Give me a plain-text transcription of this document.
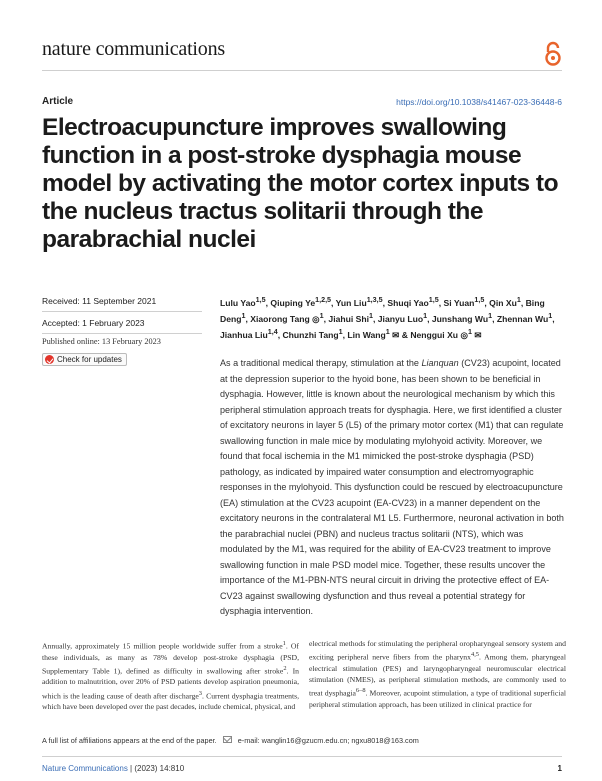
nature communications
Article	https://doi.org/10.1038/s41467-023-36448-6
Electroacupuncture improves swallowing function in a post-stroke dysphagia mouse model by activating the motor cortex inputs to the nucleus tractus solitarii through the parabrachial nuclei
Received: 11 September 2021
Accepted: 1 February 2023
Published online: 13 February 2023
Check for updates
Lulu Yao$^{1,5}$, Qiuping Ye$^{1,2,5}$, Yun Liu$^{1,3,5}$, Shuqi Yao$^{1,5}$, Si Yuan$^{1,5}$, Qin Xu$^1$, Bing Deng$^1$, Xiaorong Tang ◎$^1$, Jiahui Shi$^1$, Jianyu Luo$^1$, Junshang Wu$^1$, Zhennan Wu$^1$, Jianhua Liu$^{1,4}$, Chunzhi Tang$^1$, Lin Wang$^1$ ✉ & Nenggui Xu ◎$^1$ ✉
As a traditional medical therapy, stimulation at the Lianquan (CV23) acupoint, located at the depression superior to the hyoid bone, has been shown to be beneficial in dysphagia. However, little is known about the neurological mechanism by which this peripheral stimulation approach treats for dysphagia. Here, we first identified a cluster of excitatory neurons in layer 5 (L5) of the primary motor cortex (M1) that can regulate swallowing function in male mice by modulating mylohyoid activity. Moreover, we found that focal ischemia in the M1 mimicked the post-stroke dysphagia (PSD) pathology, as indicated by impaired water consumption and electromyographic responses in the mylohyoid. This dysfunction could be rescued by electroacupuncture (EA) stimulation at the CV23 acupoint (EA-CV23) in a manner dependent on the excitatory neurons in the contralateral M1 L5. Furthermore, neuronal activation in both the parabrachial nuclei (PBN) and nucleus tractus solitarii (NTS), which was modulated by the M1, was required for the ability of EA-CV23 treatment to improve swallowing function in male PSD model mice. Together, these results uncover the importance of the M1-PBN-NTS neural circuit in driving the protective effect of EA-CV23 against swallowing dysfunction and thus reveal a potential strategy for dysphagia intervention.
Annually, approximately 15 million people worldwide suffer from a stroke$^1$. Of these individuals, as many as 78% develop post-stroke dysphagia (PSD, Supplementary Table 1), defined as difficulty in swallowing after stroke$^2$. In addition to malnutrition, over 20% of PSD patients develop aspiration pneumonia, which is the leading cause of death after discharge$^3$. Current dysphagia treatments, which have been developed over the past decades, include chemical, physical, and
electrical methods for stimulating the peripheral oropharyngeal sensory system and exciting peripheral nerve fibers from the pharynx$^{4,5}$. Among them, pharyngeal electrical stimulation (PES) and laryngopharyngeal neuromuscular electrical stimulation (NMES), as peripheral stimulation methods, are commonly used to treat dysphagia$^{6-8}$. Moreover, acupoint stimulation, a type of traditional superficial peripheral stimulation approach, has been utilized in clinical practice for
A full list of affiliations appears at the end of the paper.	e-mail: wanglin16@gzucm.edu.cn; ngxu8018@163.com
Nature Communications | (2023) 14:810	1
